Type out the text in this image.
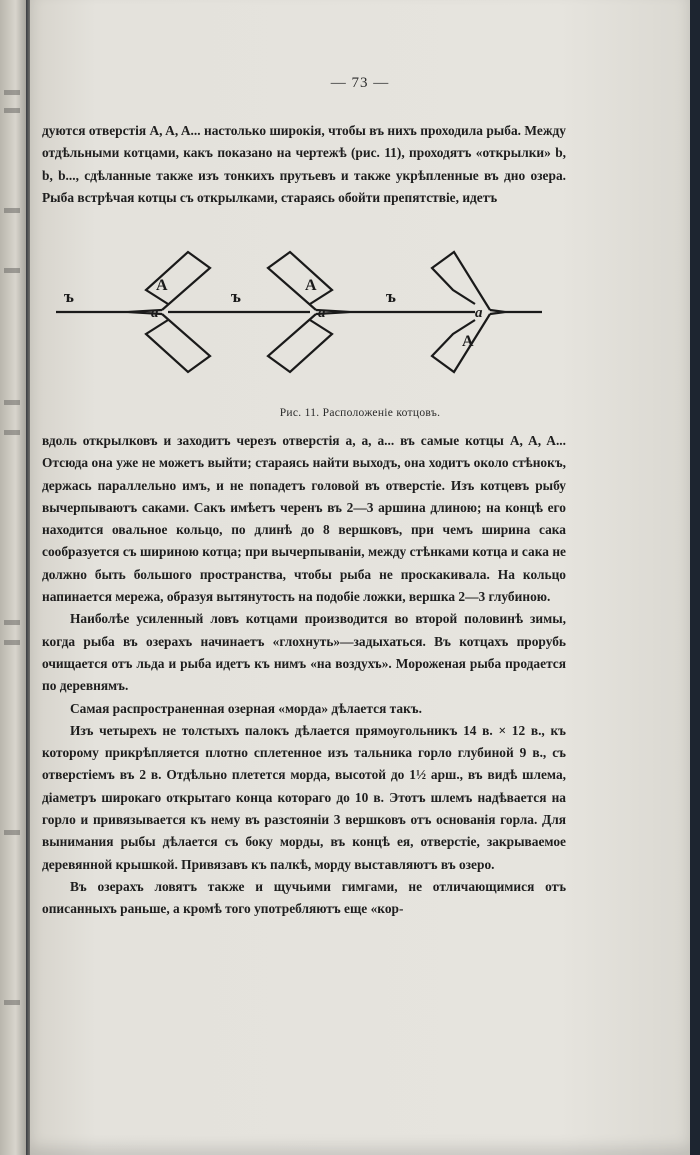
— 73 —

дуются отверстія A, A, A... настолько широкія, чтобы въ нихъ проходила рыба. Между отдѣльными котцами, какъ показано на чертежѣ (рис. 11), проходятъ «открылки» b, b, b..., сдѣланные также изъ тонкихъ прутьевъ и также укрѣпленные въ дно озера. Рыба встрѣчая котцы съ открылками, стараясь обойти препятствіе, идетъ

ъ	ъ	ъ
A
a
A
a
A
a
Рис. 11. Расположеніе котцовъ.

вдоль открылковъ и заходитъ черезъ отверстія a, a, a... въ самые котцы A, A, A... Отсюда она уже не можетъ выйти; стараясь найти выходъ, она ходитъ около стѣнокъ, держась параллельно имъ, и не попадетъ головой въ отверстіе. Изъ котцевъ рыбу вычерпываютъ саками. Сакъ имѣетъ черенъ въ 2—3 аршина длиною; на концѣ его находится овальное кольцо, по длинѣ до 8 вершковъ, при чемъ ширина сака сообразуется съ шириною котца; при вычерпываніи, между стѣнками котца и сака не должно быть большого пространства, чтобы рыба не проскакивала. На кольцо напинается мережа, образуя вытянутость на подобіе ложки, вершка 2—3 глубиною.

Наиболѣе усиленный ловъ котцами производится во второй половинѣ зимы, когда рыба въ озерахъ начинаетъ «глохнуть»—задыхаться. Въ котцахъ прорубь очищается отъ льда и рыба идетъ къ нимъ «на воздухъ». Мороженая рыба продается по деревнямъ.

Самая распространенная озерная «морда» дѣлается такъ.

Изъ четырехъ не толстыхъ палокъ дѣлается прямоугольникъ 14 в. × 12 в., къ которому прикрѣпляется плотно сплетенное изъ тальника горло глубиной 9 в., съ отверстіемъ въ 2 в. Отдѣльно плетется морда, высотой до 1½ арш., въ видѣ шлема, діаметръ широкаго открытаго конца котораго до 10 в. Этотъ шлемъ надѣвается на горло и привязывается къ нему въ разстояніи 3 вершковъ отъ основанія горла. Для вынимания рыбы дѣлается съ боку морды, въ концѣ ея, отверстіе, закрываемое деревянной крышкой. Привязавъ къ палкѣ, морду выставляютъ въ озеро.

Въ озерахъ ловятъ также и щучьими гимгами, не отличающимися отъ описанныхъ раньше, а кромѣ того употребляютъ еще «кор-
